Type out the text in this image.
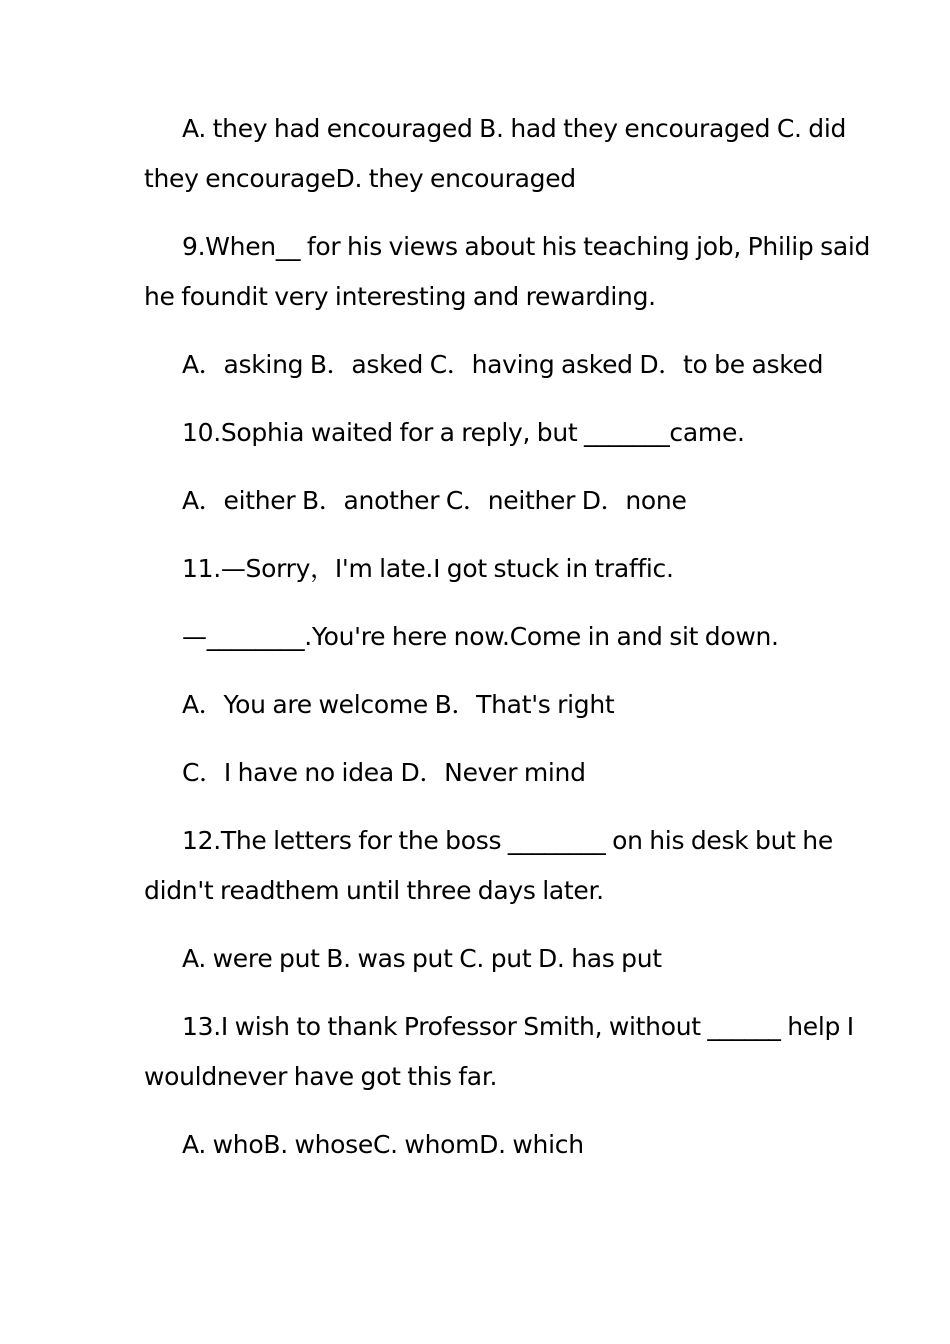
A. they had encouraged B. had they encouraged C. did they encourageD. they encouraged

9.When__ for his views about his teaching job, Philip said he foundit very interesting and rewarding.

A．asking B．asked C．having asked D．to be asked

10.Sophia waited for a reply, but _______came.

A．either B．another C．neither D．none

11.—Sorry，I'm late.I got stuck in traffic.

—________.You're here now.Come in and sit down.

A．You are welcome B．That's right

C．I have no idea D．Never mind

12.The letters for the boss ________ on his desk but he didn't readthem until three days later.

A. were put B. was put C. put D. has put

13.I wish to thank Professor Smith, without ______ help I wouldnever have got this far.

A. whoB. whoseC. whomD. which
